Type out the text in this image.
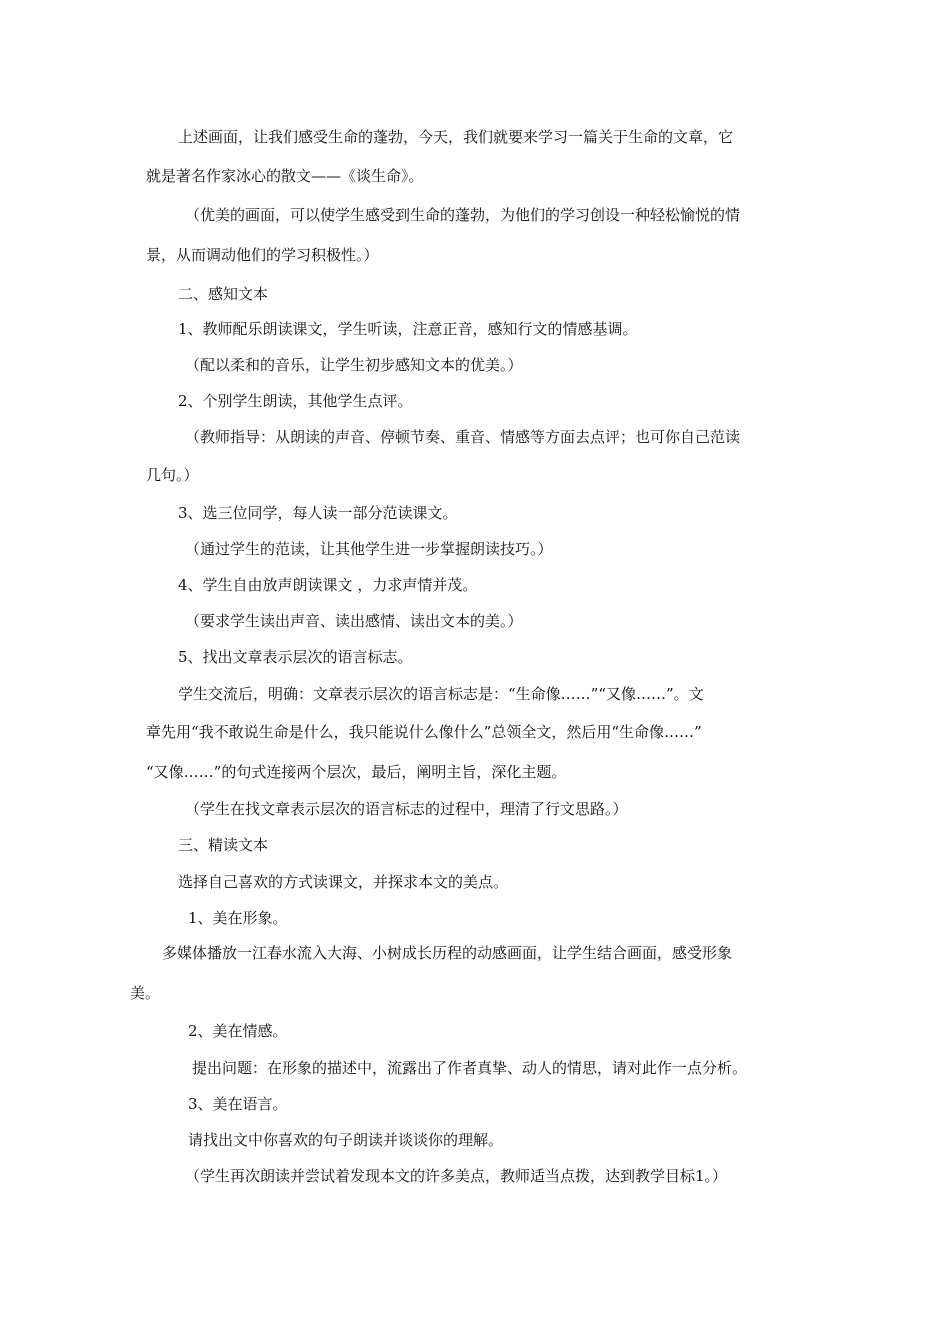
上述画面，让我们感受生命的蓬勃，今天，我们就要来学习一篇关于生命的文章，它

就是著名作家冰心的散文——《谈生命》。

（优美的画面，可以使学生感受到生命的蓬勃，为他们的学习创设一种轻松愉悦的情

景，从而调动他们的学习积极性。）

二、感知文本

1、教师配乐朗读课文，学生听读，注意正音，感知行文的情感基调。

（配以柔和的音乐，让学生初步感知文本的优美。）

2、个别学生朗读，其他学生点评。

（教师指导：从朗读的声音、停顿节奏、重音、情感等方面去点评；也可你自己范读

几句。）

3、选三位同学，每人读一部分范读课文。

（通过学生的范读，让其他学生进一步掌握朗读技巧。）

4、学生自由放声朗读课文 ，力求声情并茂。

（要求学生读出声音、读出感情、读出文本的美。）

5、找出文章表示层次的语言标志。

学生交流后，明确：文章表示层次的语言标志是：“生命像……”“又像……”。文

章先用“我不敢说生命是什么，我只能说什么像什么”总领全文，然后用“生命像……”

“又像……”的句式连接两个层次，最后，阐明主旨，深化主题。

（学生在找文章表示层次的语言标志的过程中，理清了行文思路。）

三、精读文本

选择自己喜欢的方式读课文，并探求本文的美点。

1、美在形象。

多媒体播放一江春水流入大海、小树成长历程的动感画面，让学生结合画面，感受形象

美。

2、美在情感。

提出问题：在形象的描述中，流露出了作者真挚、动人的情思，请对此作一点分析。

3、美在语言。

请找出文中你喜欢的句子朗读并谈谈你的理解。

（学生再次朗读并尝试着发现本文的许多美点，教师适当点拨，达到教学目标1。）
